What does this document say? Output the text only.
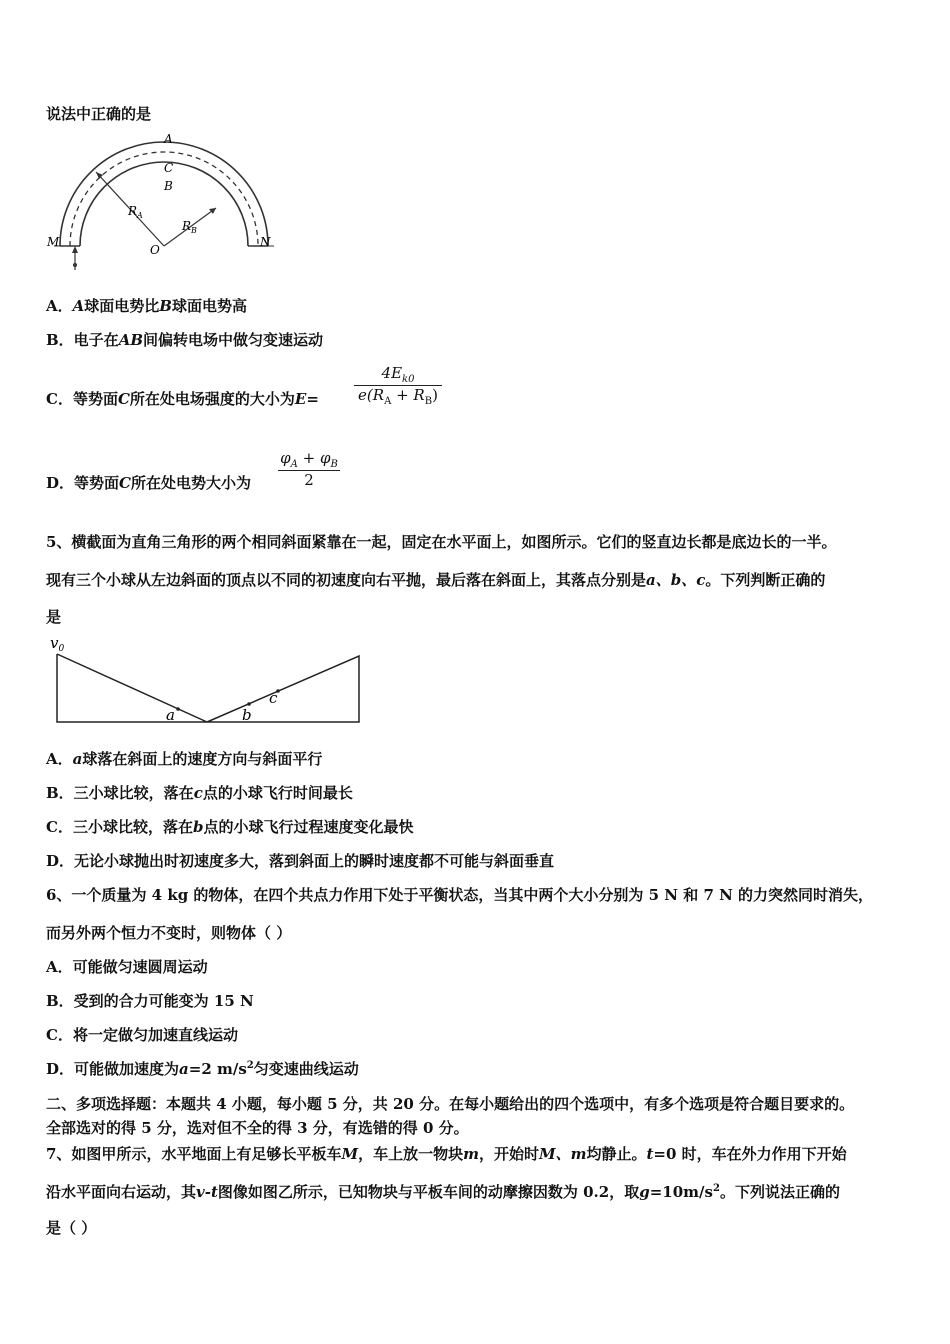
说法中正确的是
A
C
B
$R_A$
$R_B$
O
M	N
A．A球面电势比B球面电势高
B．电子在AB间偏转电场中做匀变速运动
C．等势面C所在处电场强度的大小为E=
$4E_{k0}$
$e(R_A + R_B)$
D．等势面C所在处电势大小为
$\varphi_A + \varphi_B$
2
5、横截面为直角三角形的两个相同斜面紧靠在一起，固定在水平面上，如图所示。它们的竖直边长都是底边长的一半。
现有三个小球从左边斜面的顶点以不同的初速度向右平抛，最后落在斜面上，其落点分别是a、b、c。下列判断正确的
是
$v_0$
a	b
c
A．a球落在斜面上的速度方向与斜面平行
B．三小球比较，落在c点的小球飞行时间最长
C．三小球比较，落在b点的小球飞行过程速度变化最快
D．无论小球抛出时初速度多大，落到斜面上的瞬时速度都不可能与斜面垂直
6、一个质量为 4 kg 的物体，在四个共点力作用下处于平衡状态，当其中两个大小分别为 5 N 和 7 N 的力突然同时消失，
而另外两个恒力不变时，则物体（ ）
A．可能做匀速圆周运动
B．受到的合力可能变为 15 N
C．将一定做匀加速直线运动
D．可能做加速度为a=2 $m/s^2$匀变速曲线运动
二、多项选择题：本题共 4 小题，每小题 5 分，共 20 分。在每小题给出的四个选项中，有多个选项是符合题目要求的。
全部选对的得 5 分，选对但不全的得 3 分，有选错的得 0 分。
7、如图甲所示，水平地面上有足够长平板车M，车上放一物块m，开始时M、m均静止。t=0 时，车在外力作用下开始
沿水平面向右运动，其v-t图像如图乙所示，已知物块与平板车间的动摩擦因数为 0.2，取$g=10m/s^2$。下列说法正确的
是（ ）
